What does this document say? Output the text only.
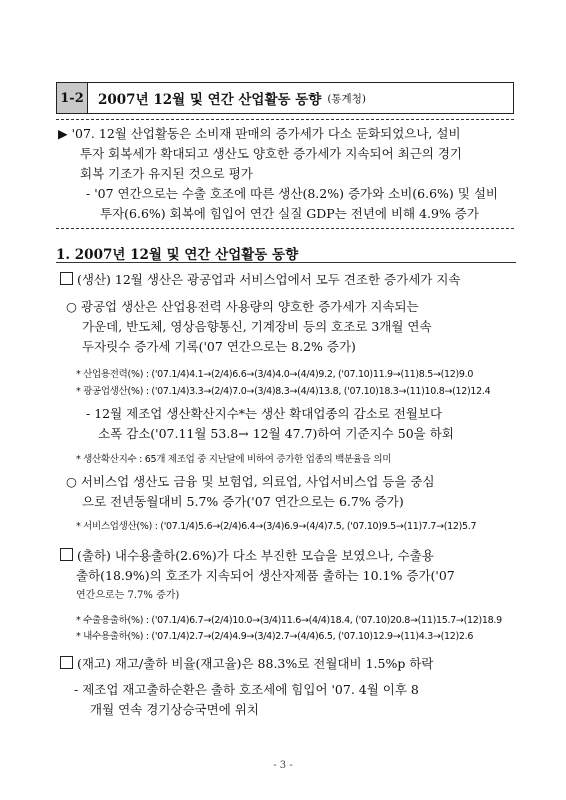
1-2	2007년 12월 및 연간 산업활동 동향 (통계청)
▶ '07. 12월 산업활동은 소비재 판매의 증가세가 다소 둔화되었으나, 설비
투자 회복세가 확대되고 생산도 양호한 증가세가 지속되어 최근의 경기
회복 기조가 유지된 것으로 평가
- '07 연간으로는 수출 호조에 따른 생산(8.2%) 증가와 소비(6.6%) 및 설비
투자(6.6%) 회복에 힘입어 연간 실질 GDP는 전년에 비해 4.9% 증가
1. 2007년 12월 및 연간 산업활동 동향
(생산) 12월 생산은 광공업과 서비스업에서 모두 견조한 증가세가 지속
○ 광공업 생산은 산업용전력 사용량의 양호한 증가세가 지속되는
가운데, 반도체, 영상음향통신, 기계장비 등의 호조로 3개월 연속
두자릿수 증가세 기록('07 연간으로는 8.2% 증가)
* 산업용전력(%) : ('07.1/4)4.1→(2/4)6.6→(3/4)4.0→(4/4)9.2, ('07.10)11.9→(11)8.5→(12)9.0
* 광공업생산(%) : ('07.1/4)3.3→(2/4)7.0→(3/4)8.3→(4/4)13.8, ('07.10)18.3→(11)10.8→(12)12.4
- 12월 제조업 생산확산지수*는 생산 확대업종의 감소로 전월보다
소폭 감소('07.11월 53.8→ 12월 47.7)하여 기준지수 50을 하회
* 생산확산지수 : 65개 제조업 중 지난달에 비하여 증가한 업종의 백분율을 의미
○ 서비스업 생산도 금융 및 보험업, 의료업, 사업서비스업 등을 중심
으로 전년동월대비 5.7% 증가('07 연간으로는 6.7% 증가)
* 서비스업생산(%) : ('07.1/4)5.6→(2/4)6.4→(3/4)6.9→(4/4)7.5, ('07.10)9.5→(11)7.7→(12)5.7
(출하) 내수용출하(2.6%)가 다소 부진한 모습을 보였으나, 수출용
출하(18.9%)의 호조가 지속되어 생산자제품 출하는 10.1% 증가('07
연간으로는 7.7% 증가)
* 수출용출하(%) : ('07.1/4)6.7→(2/4)10.0→(3/4)11.6→(4/4)18.4, ('07.10)20.8→(11)15.7→(12)18.9
* 내수용출하(%) : ('07.1/4)2.7→(2/4)4.9→(3/4)2.7→(4/4)6.5, ('07.10)12.9→(11)4.3→(12)2.6
(재고) 재고/출하 비율(재고율)은 88.3%로 전월대비 1.5%p 하락
- 제조업 재고출하순환은 출하 호조세에 힘입어 '07. 4월 이후 8
개월 연속 경기상승국면에 위치
- 3 -
